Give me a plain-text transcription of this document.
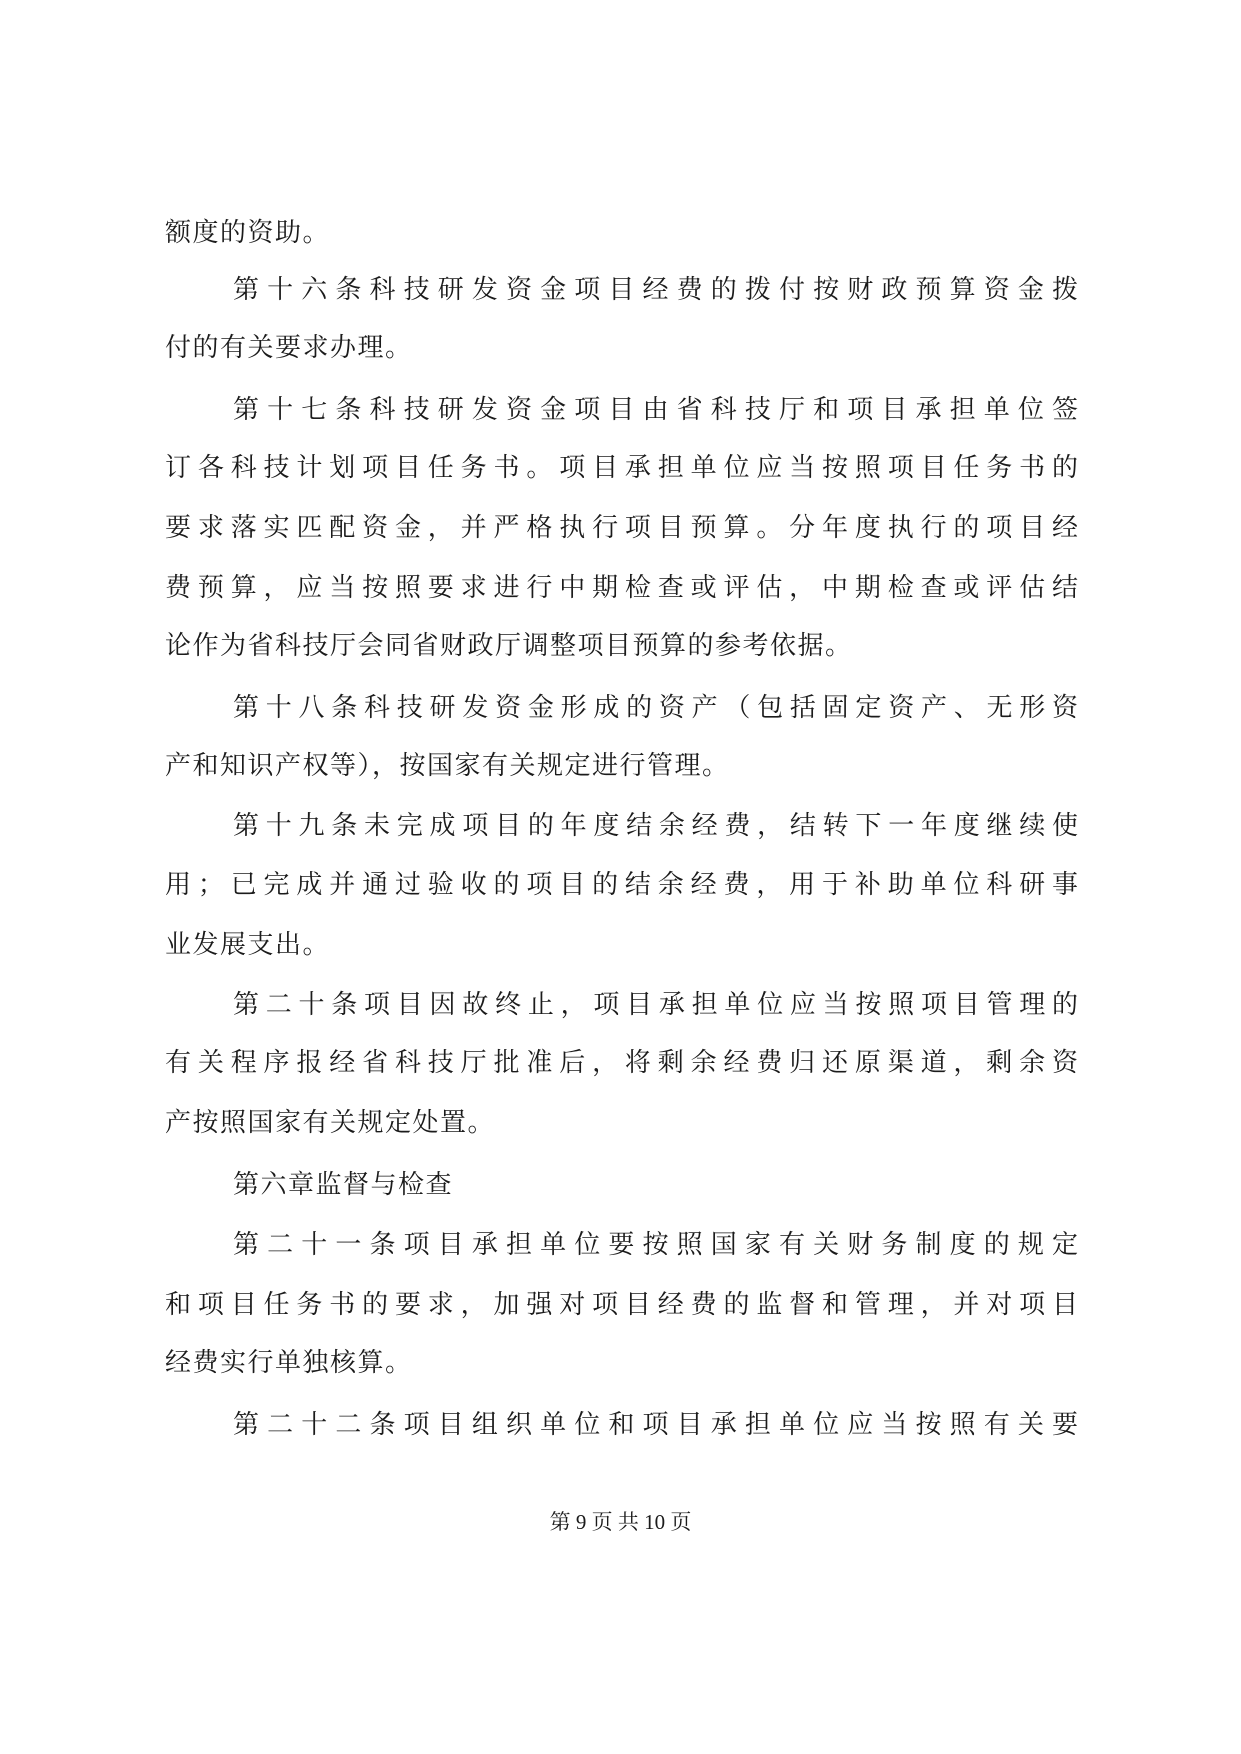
额度的资助。
第十六条科技研发资金项目经费的拨付按财政预算资金拨
付的有关要求办理。
第十七条科技研发资金项目由省科技厅和项目承担单位签
订各科技计划项目任务书。项目承担单位应当按照项目任务书的
要求落实匹配资金，并严格执行项目预算。分年度执行的项目经
费预算，应当按照要求进行中期检查或评估，中期检查或评估结
论作为省科技厅会同省财政厅调整项目预算的参考依据。
第十八条科技研发资金形成的资产（包括固定资产、无形资
产和知识产权等），按国家有关规定进行管理。
第十九条未完成项目的年度结余经费，结转下一年度继续使
用；已完成并通过验收的项目的结余经费，用于补助单位科研事
业发展支出。
第二十条项目因故终止，项目承担单位应当按照项目管理的
有关程序报经省科技厅批准后，将剩余经费归还原渠道，剩余资
产按照国家有关规定处置。
第六章监督与检查
第二十一条项目承担单位要按照国家有关财务制度的规定
和项目任务书的要求，加强对项目经费的监督和管理，并对项目
经费实行单独核算。
第二十二条项目组织单位和项目承担单位应当按照有关要
第 9 页 共 10 页
